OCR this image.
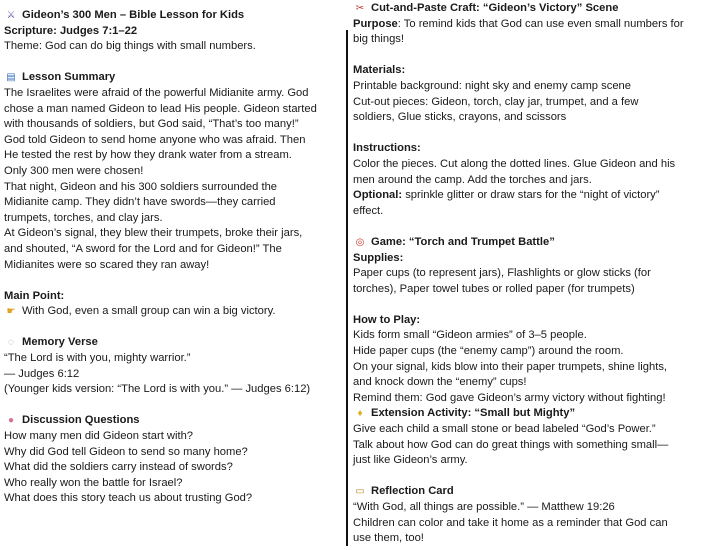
⚔ Gideon’s 300 Men – Bible Lesson for Kids
Scripture: Judges 7:1–22
Theme: God can do big things with small numbers.
▤ Lesson Summary
The Israelites were afraid of the powerful Midianite army. God
chose a man named Gideon to lead His people. Gideon started
with thousands of soldiers, but God said, “That’s too many!”
God told Gideon to send home anyone who was afraid. Then
He tested the rest by how they drank water from a stream.
Only 300 men were chosen!
That night, Gideon and his 300 soldiers surrounded the
Midianite camp. They didn’t have swords—they carried
trumpets, torches, and clay jars.
At Gideon’s signal, they blew their trumpets, broke their jars,
and shouted, “A sword for the Lord and for Gideon!” The
Midianites were so scared they ran away!
Main Point:
☛ With God, even a small group can win a big victory.
◌ Memory Verse
“The Lord is with you, mighty warrior.”
— Judges 6:12
(Younger kids version: “The Lord is with you.” — Judges 6:12)
● Discussion Questions
How many men did Gideon start with?
Why did God tell Gideon to send so many home?
What did the soldiers carry instead of swords?
Who really won the battle for Israel?
What does this story teach us about trusting God?
✂ Cut-and-Paste Craft: “Gideon’s Victory” Scene
Purpose: To remind kids that God can use even small numbers for
big things!
Materials:
Printable background: night sky and enemy camp scene
Cut-out pieces: Gideon, torch, clay jar, trumpet, and a few
soldiers, Glue sticks, crayons, and scissors
Instructions:
Color the pieces. Cut along the dotted lines. Glue Gideon and his
men around the camp. Add the torches and jars.
Optional: sprinkle glitter or draw stars for the “night of victory”
effect.
◎ Game: “Torch and Trumpet Battle”
Supplies:
Paper cups (to represent jars), Flashlights or glow sticks (for
torches), Paper towel tubes or rolled paper (for trumpets)
How to Play:
Kids form small “Gideon armies” of 3–5 people.
Hide paper cups (the “enemy camp”) around the room.
On your signal, kids blow into their paper trumpets, shine lights,
and knock down the “enemy” cups!
Remind them: God gave Gideon’s army victory without fighting!
♦ Extension Activity: “Small but Mighty”
Give each child a small stone or bead labeled “God’s Power.”
Talk about how God can do great things with something small—
just like Gideon’s army.
▭ Reflection Card
“With God, all things are possible.” — Matthew 19:26
Children can color and take it home as a reminder that God can
use them, too!
